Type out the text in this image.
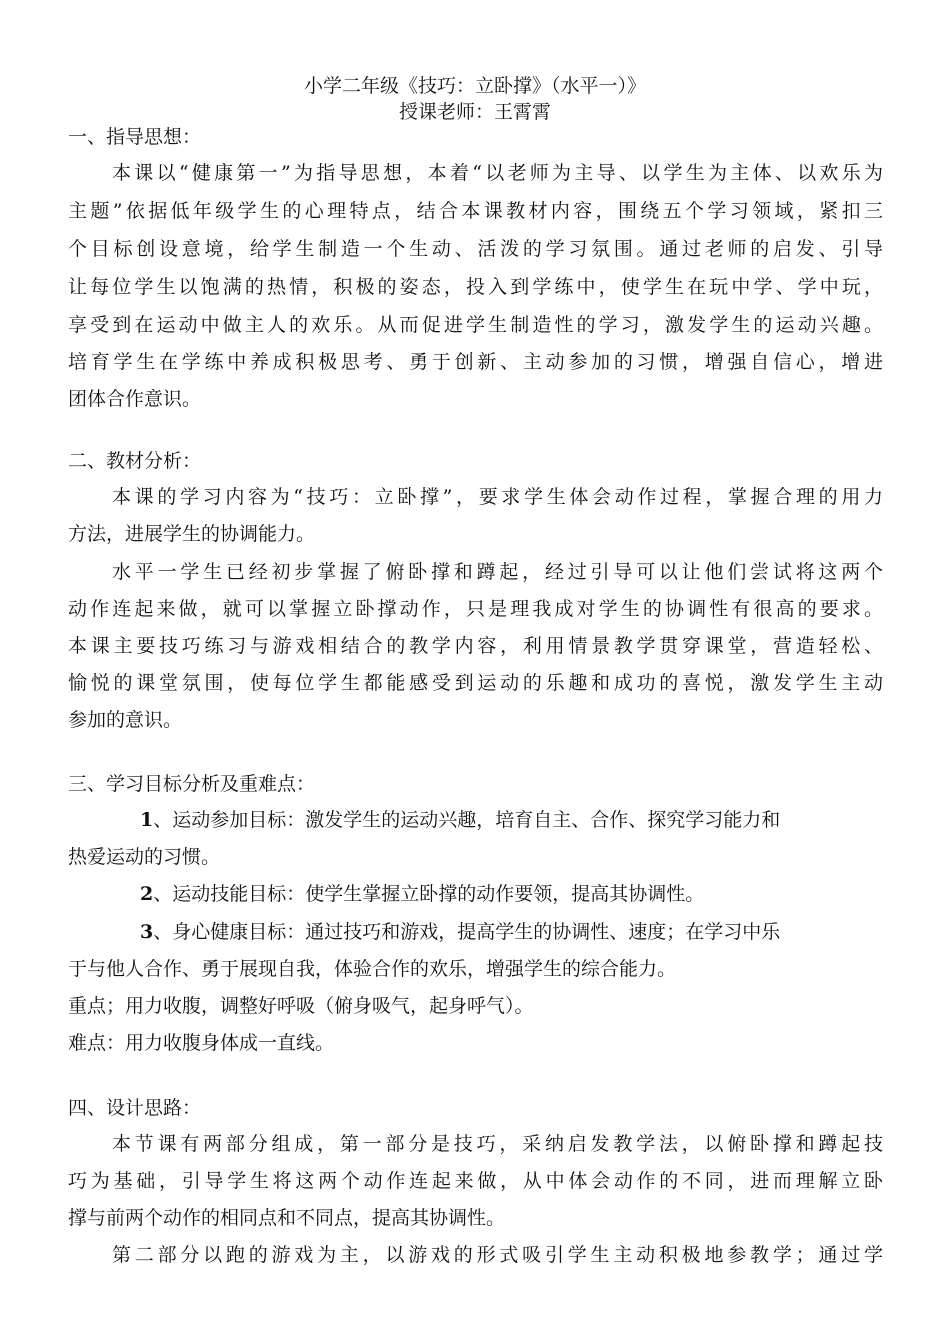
小学二年级《技巧：立卧撑》（水平一）》
授课老师：王霄霄
一、指导思想：
本课以“健康第一”为指导思想，本着“以老师为主导、以学生为主体、以欢乐为
主题”依据低年级学生的心理特点，结合本课教材内容，围绕五个学习领域，紧扣三
个目标创设意境，给学生制造一个生动、活泼的学习氛围。通过老师的启发、引导
让每位学生以饱满的热情，积极的姿态，投入到学练中，使学生在玩中学、学中玩，
享受到在运动中做主人的欢乐。从而促进学生制造性的学习，激发学生的运动兴趣。
培育学生在学练中养成积极思考、勇于创新、主动参加的习惯，增强自信心，增进
团体合作意识。
二、教材分析：
本课的学习内容为“技巧：立卧撑”，要求学生体会动作过程，掌握合理的用力
方法，进展学生的协调能力。
水平一学生已经初步掌握了俯卧撑和蹲起，经过引导可以让他们尝试将这两个
动作连起来做，就可以掌握立卧撑动作，只是理我成对学生的协调性有很高的要求。
本课主要技巧练习与游戏相结合的教学内容，利用情景教学贯穿课堂，营造轻松、
愉悦的课堂氛围，使每位学生都能感受到运动的乐趣和成功的喜悦，激发学生主动
参加的意识。
三、学习目标分析及重难点：
1、运动参加目标：激发学生的运动兴趣，培育自主、合作、探究学习能力和
热爱运动的习惯。
2、运动技能目标：使学生掌握立卧撑的动作要领，提高其协调性。
3、身心健康目标：通过技巧和游戏，提高学生的协调性、速度；在学习中乐
于与他人合作、勇于展现自我，体验合作的欢乐，增强学生的综合能力。
重点；用力收腹，调整好呼吸（俯身吸气，起身呼气）。
难点：用力收腹身体成一直线。
四、设计思路：
本节课有两部分组成，第一部分是技巧，采纳启发教学法，以俯卧撑和蹲起技
巧为基础，引导学生将这两个动作连起来做，从中体会动作的不同，进而理解立卧
撑与前两个动作的相同点和不同点，提高其协调性。
第二部分以跑的游戏为主，以游戏的形式吸引学生主动积极地参教学；通过学
